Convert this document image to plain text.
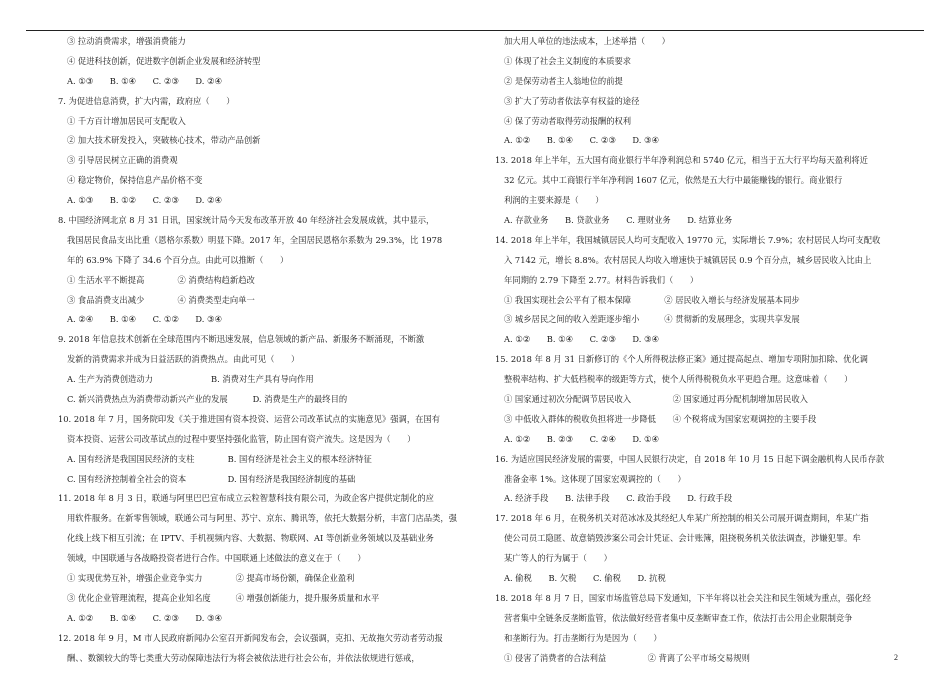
③ 拉动消费需求，增强消费能力
④ 促进科技创新，促进数字创新企业发展和经济转型
A. ①③　　B. ①④　　C. ②③　　D. ②④
7. 为促进信息消费，扩大内需，政府应（　　）
① 千方百计增加居民可支配收入
② 加大技术研发投入，突破核心技术，带动产品创新
③ 引导居民树立正确的消费观
④ 稳定物价，保持信息产品价格不变
A. ①③　　B. ①②　　C. ②③　　D. ②④
8. 中国经济网北京 8 月 31 日讯，国家统计局今天发布改革开放 40 年经济社会发展成就，其中显示，
我国居民食品支出比重（恩格尔系数）明显下降。2017 年，全国居民恩格尔系数为 29.3%，比 1978
年的 63.9% 下降了 34.6 个百分点。由此可以推断（　　）
① 生活水平不断提高　　　　② 消费结构趋新趋改
③ 食品消费支出减少　　　　④ 消费类型走向单一
A. ②④　　B. ①④　　C. ①②　　D. ③④
9. 2018 年信息技术创新在全球范围内不断迅速发展，信息领域的新产品、新服务不断涌现，不断激
发新的消费需求并成为日益活跃的消费热点。由此可见（　　）
A. 生产为消费创造动力　　　　　　　B. 消费对生产具有导向作用
C. 新兴消费热点为消费带动新兴产业的发展　　　D. 消费是生产的最终目的
10. 2018 年 7 月，国务院印发《关于推进国有资本投资、运营公司改革试点的实施意见》强调，在国有
资本投资、运营公司改革试点的过程中要坚持强化监管，防止国有资产流失。这是因为（　　）
A. 国有经济是我国国民经济的支柱　　　　B. 国有经济是社会主义的根本经济特征
C. 国有经济控制着全社会的资本　　　　　D. 国有经济是我国经济制度的基础
11. 2018 年 8 月 3 日，联通与阿里巴巴宣布成立云粒智慧科技有限公司，为政企客户提供定制化的应
用软件服务。在新零售领域，联通公司与阿里、苏宁、京东、腾讯等，依托大数据分析，丰富门店品类，强
化线上线下相互引流；在 IPTV、手机视频内容、大数据、物联网、AI 等创新业务领域以及基础业务
领域，中国联通与各战略投资者进行合作。中国联通上述做法的意义在于（　　）
① 实现优势互补，增强企业竞争实力　　　　② 提高市场份额，确保企业盈利
③ 优化企业管理流程，提高企业知名度　　　④ 增强创新能力，提升服务质量和水平
A. ①②　　B. ①④　　C. ②③　　D. ③④
12. 2018 年 9 月，M 市人民政府新闻办公室召开新闻发布会，会议强调，克扣、无故拖欠劳动者劳动报
酬、、数额较大的等七类重大劳动保障违法行为将会被依法进行社会公布，并依法依规进行惩戒，
加大用人单位的违法成本，上述举措（　　）
① 体现了社会主义制度的本质要求
② 是保劳动者主人翁地位的前提
③ 扩大了劳动者依法享有权益的途径
④ 保了劳动者取得劳动报酬的权利
A. ①②　　B. ①④　　C. ②③　　D. ③④
13. 2018 年上半年，五大国有商业银行半年净利润总和 5740 亿元，相当于五大行平均每天盈利将近
32 亿元。其中工商银行半年净利润 1607 亿元，依然是五大行中最能赚钱的银行。商业银行
利润的主要来源是（　　）
A. 存款业务　　B. 贷款业务　　C. 理财业务　　D. 结算业务
14. 2018 年上半年，我国城镇居民人均可支配收入 19770 元，实际增长 7.9%；农村居民人均可支配收
入 7142 元，增长 8.8%。农村居民人均收入增速快于城镇居民 0.9 个百分点，城乡居民收入比由上
年同期的 2.79 下降至 2.77。材料告诉我们（　　）
① 我国实现社会公平有了根本保障　　　　② 居民收入增长与经济发展基本同步
③ 城乡居民之间的收入差距逐步缩小　　　④ 贯彻新的发展理念，实现共享发展
A. ①②　　B. ①④　　C. ②③　　D. ③④
15. 2018 年 8 月 31 日新修订的《个人所得税法修正案》通过提高起点、增加专项附加扣除、优化调
整税率结构、扩大低档税率的级距等方式，使个人所得税税负水平更趋合理。这意味着（　　）
① 国家通过初次分配调节居民收入　　　　　② 国家通过再分配机制增加居民收入
③ 中低收入群体的税收负担将进一步降低　　④ 个税将成为国家宏观调控的主要手段
A. ①②　　B. ②③　　C. ②④　　D. ①④
16. 为适应国民经济发展的需要，中国人民银行决定，自 2018 年 10 月 15 日起下调金融机构人民币存款
准备金率 1%。这体现了国家宏观调控的（　　）
A. 经济手段　　B. 法律手段　　C. 政治手段　　D. 行政手段
17. 2018 年 6 月，在税务机关对范冰冰及其经纪人牟某广所控制的相关公司展开调查期间，牟某广指
使公司员工隐匿、故意销毁涉案公司会计凭证、会计账簿，阻挠税务机关依法调查，涉嫌犯罪。牟
某广等人的行为属于（　　）
A. 偷税　　B. 欠税　　C. 偷税　　D. 抗税
18. 2018 年 8 月 7 日，国家市场监管总局下发通知，下半年将以社会关注和民生领域为重点，强化经
营者集中全链条反垄断监管，依法做好经营者集中反垄断审查工作，依法打击公用企业限制竞争
和垄断行为。打击垄断行为是因为（　　）
① 侵害了消费者的合法利益　　　　　② 背离了公平市场交易规则	2
